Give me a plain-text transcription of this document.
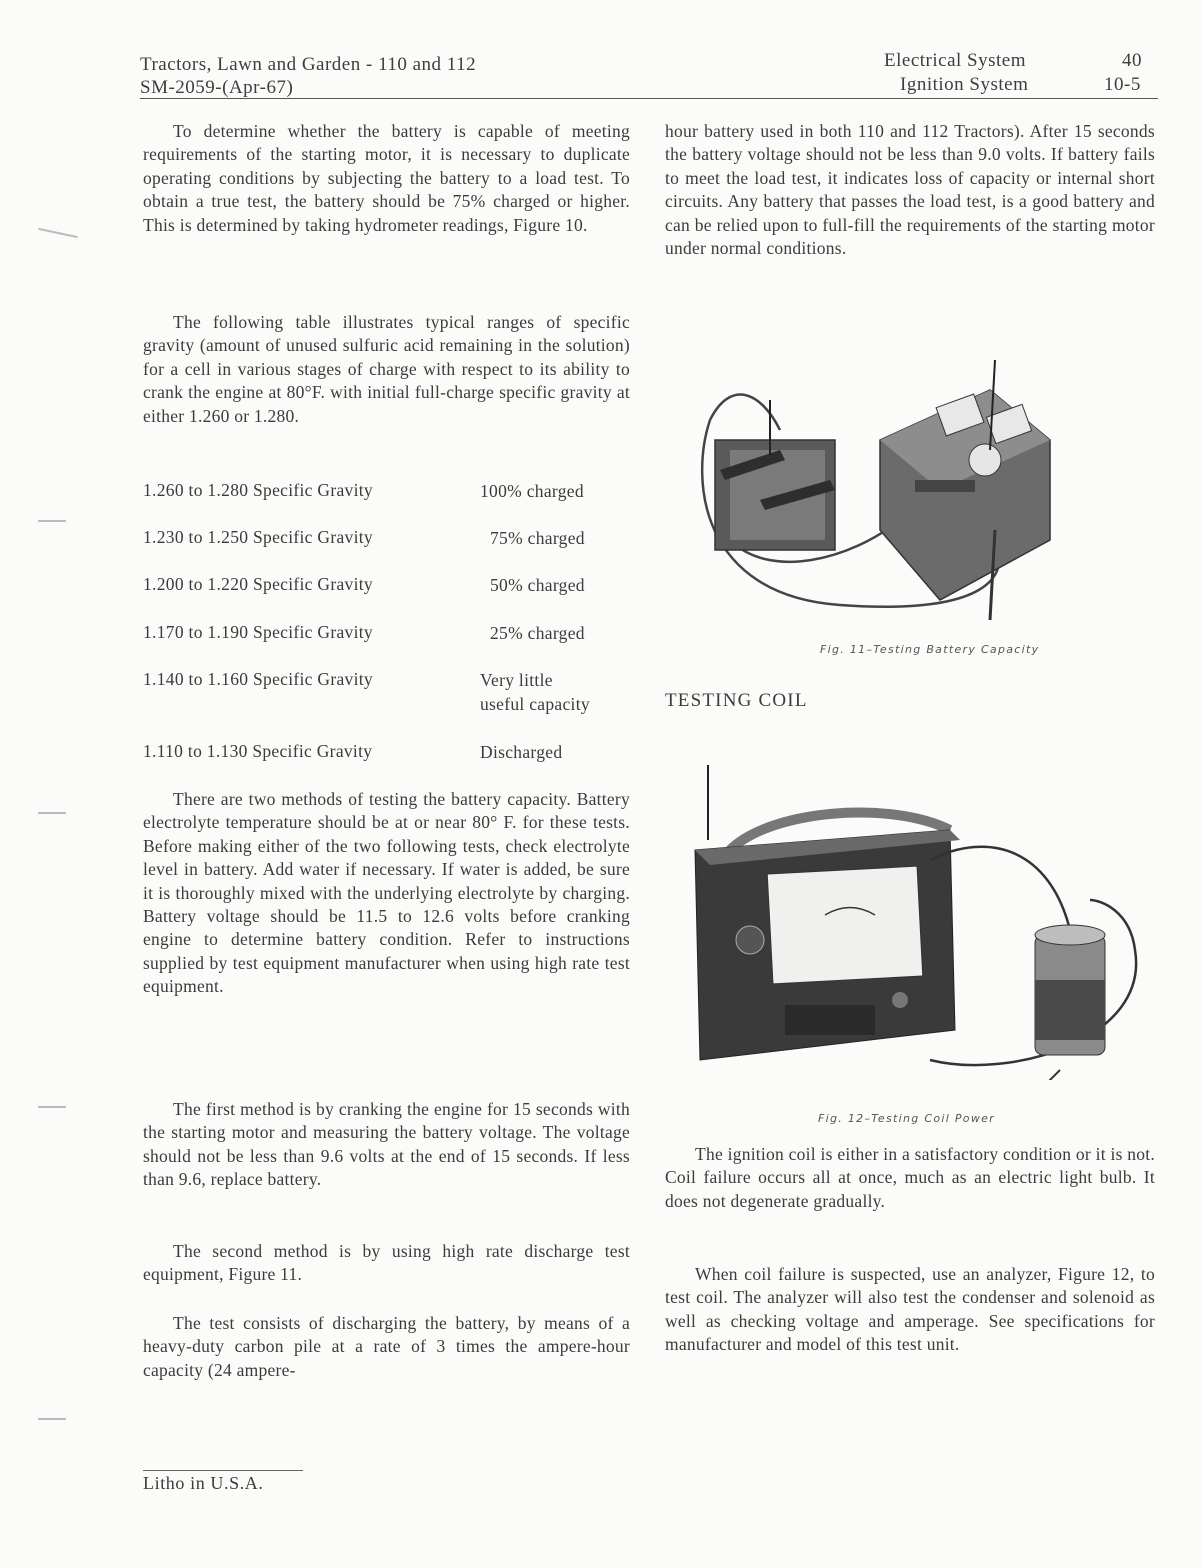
Tractors, Lawn and Garden - 110 and 112
SM-2059-(Apr-67)
Electrical System	40
Ignition System	10-5

To determine whether the battery is capable of meeting requirements of the starting motor, it is necessary to duplicate operating conditions by subjecting the battery to a load test. To obtain a true test, the battery should be 75% charged or higher. This is determined by taking hydrometer readings, Figure 10.

The following table illustrates typical ranges of specific gravity (amount of unused sulfuric acid remaining in the solution) for a cell in various stages of charge with respect to its ability to crank the engine at 80°F. with initial full-charge specific gravity at either 1.260 or 1.280.

1.260 to 1.280 Specific Gravity	100% charged
1.230 to 1.250 Specific Gravity	75% charged
1.200 to 1.220 Specific Gravity	50% charged
1.170 to 1.190 Specific Gravity	25% charged
1.140 to 1.160 Specific Gravity	Very little
useful capacity
1.110 to 1.130 Specific Gravity	Discharged

There are two methods of testing the battery capacity. Battery electrolyte temperature should be at or near 80° F. for these tests. Before making either of the two following tests, check electrolyte level in battery. Add water if necessary. If water is added, be sure it is thoroughly mixed with the underlying electrolyte by charging. Battery voltage should be 11.5 to 12.6 volts before cranking engine to determine battery condition. Refer to instructions supplied by test equipment manufacturer when using high rate test equipment.

The first method is by cranking the engine for 15 seconds with the starting motor and measuring the battery voltage. The voltage should not be less than 9.6 volts at the end of 15 seconds. If less than 9.6, replace battery.

The second method is by using high rate discharge test equipment, Figure 11.

The test consists of discharging the battery, by means of a heavy-duty carbon pile at a rate of 3 times the ampere-hour capacity (24 ampere-

hour battery used in both 110 and 112 Tractors). After 15 seconds the battery voltage should not be less than 9.0 volts. If battery fails to meet the load test, it indicates loss of capacity or internal short circuits. Any battery that passes the load test, is a good battery and can be relied upon to full-fill the requirements of the starting motor under normal conditions.

Fig. 11–Testing Battery Capacity
TESTING COIL
Fig. 12–Testing Coil Power

The ignition coil is either in a satisfactory condition or it is not. Coil failure occurs all at once, much as an electric light bulb. It does not degenerate gradually.

When coil failure is suspected, use an analyzer, Figure 12, to test coil. The analyzer will also test the condenser and solenoid as well as checking voltage and amperage. See specifications for manufacturer and model of this test unit.

Litho in U.S.A.
